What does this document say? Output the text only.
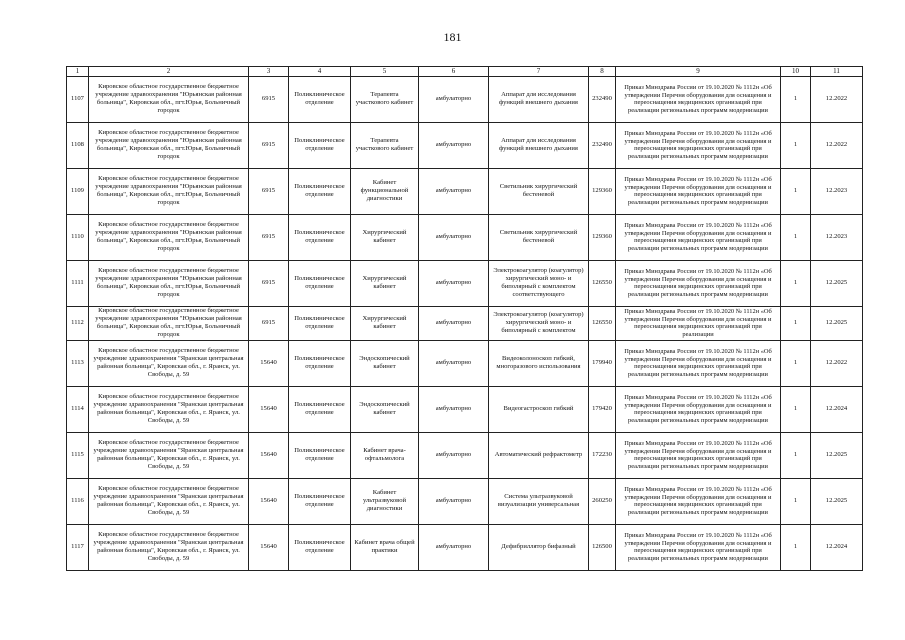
181
1	2	3	4	5	6	7	8	9	10	11
1107	Кировское областное государственное бюджетное учреждение здравоохранения "Юрьянская районная больница", Кировская обл., пгт.Юрья, Больничный городок	6915	Поликлиническое отделение	Терапевта участкового кабинет	амбулаторно	Аппарат для исследования функций внешнего дыхания	232490	Приказ Минздрава России от 19.10.2020 № 1112н «Об утверждении Перечня оборудования для оснащения и переоснащения медицинских организаций при реализации региональных программ модернизации	1	12.2022
1108	Кировское областное государственное бюджетное учреждение здравоохранения "Юрьянская районная больница", Кировская обл., пгт.Юрья, Больничный городок	6915	Поликлиническое отделение	Терапевта участкового кабинет	амбулаторно	Аппарат для исследования функций внешнего дыхания	232490	Приказ Минздрава России от 19.10.2020 № 1112н «Об утверждении Перечня оборудования для оснащения и переоснащения медицинских организаций при реализации региональных программ модернизации	1	12.2022
1109	Кировское областное государственное бюджетное учреждение здравоохранения "Юрьянская районная больница", Кировская обл., пгт.Юрья, Больничный городок	6915	Поликлиническое отделение	Кабинет функциональной диагностики	амбулаторно	Светильник хирургический бестеневой	129360	Приказ Минздрава России от 19.10.2020 № 1112н «Об утверждении Перечня оборудования для оснащения и переоснащения медицинских организаций при реализации региональных программ модернизации	1	12.2023
1110	Кировское областное государственное бюджетное учреждение здравоохранения "Юрьянская районная больница", Кировская обл., пгт.Юрья, Больничный городок	6915	Поликлиническое отделение	Хирургический кабинет	амбулаторно	Светильник хирургический бестеневой	129360	Приказ Минздрава России от 19.10.2020 № 1112н «Об утверждении Перечня оборудования для оснащения и переоснащения медицинских организаций при реализации региональных программ модернизации	1	12.2023
1111	Кировское областное государственное бюджетное учреждение здравоохранения "Юрьянская районная больница", Кировская обл., пгт.Юрья, Больничный городок	6915	Поликлиническое отделение	Хирургический кабинет	амбулаторно	Электрокоагулятор (коагулятор) хирургический моно- и биполярный с комплектом соответствующего	126550	Приказ Минздрава России от 19.10.2020 № 1112н «Об утверждении Перечня оборудования для оснащения и переоснащения медицинских организаций при реализации региональных программ модернизации	1	12.2025
1112	Кировское областное государственное бюджетное учреждение здравоохранения "Юрьянская районная больница", Кировская обл., пгт.Юрья, Больничный городок	6915	Поликлиническое отделение	Хирургический кабинет	амбулаторно	Электрокоагулятор (коагулятор) хирургический моно- и биполярный с комплектом	126550	Приказ Минздрава России от 19.10.2020 № 1112н «Об утверждении Перечня оборудования для оснащения и переоснащения медицинских организаций при реализации	1	12.2025
1113	Кировское областное государственное бюджетное учреждение здравоохранения "Яранская центральная районная больница", Кировская обл., г. Яранск, ул. Свободы, д. 59	15640	Поликлиническое отделение	Эндоскопический кабинет	амбулаторно	Видеоколоноскоп гибкий, многоразового использования	179940	Приказ Минздрава России от 19.10.2020 № 1112н «Об утверждении Перечня оборудования для оснащения и переоснащения медицинских организаций при реализации региональных программ модернизации	1	12.2022
1114	Кировское областное государственное бюджетное учреждение здравоохранения "Яранская центральная районная больница", Кировская обл., г. Яранск, ул. Свободы, д. 59	15640	Поликлиническое отделение	Эндоскопический кабинет	амбулаторно	Видеогастроскоп гибкий	179420	Приказ Минздрава России от 19.10.2020 № 1112н «Об утверждении Перечня оборудования для оснащения и переоснащения медицинских организаций при реализации региональных программ модернизации	1	12.2024
1115	Кировское областное государственное бюджетное учреждение здравоохранения "Яранская центральная районная больница", Кировская обл., г. Яранск, ул. Свободы, д. 59	15640	Поликлиническое отделение	Кабинет врача-офтальмолога	амбулаторно	Автоматический рефрактометр	172230	Приказ Минздрава России от 19.10.2020 № 1112н «Об утверждении Перечня оборудования для оснащения и переоснащения медицинских организаций при реализации региональных программ модернизации	1	12.2025
1116	Кировское областное государственное бюджетное учреждение здравоохранения "Яранская центральная районная больница", Кировская обл., г. Яранск, ул. Свободы, д. 59	15640	Поликлиническое отделение	Кабинет ультразвуковой диагностики	амбулаторно	Система ультразвуковой визуализации универсальная	260250	Приказ Минздрава России от 19.10.2020 № 1112н «Об утверждении Перечня оборудования для оснащения и переоснащения медицинских организаций при реализации региональных программ модернизации	1	12.2025
1117	Кировское областное государственное бюджетное учреждение здравоохранения "Яранская центральная районная больница", Кировская обл., г. Яранск, ул. Свободы, д. 59	15640	Поликлиническое отделение	Кабинет врача общей практики	амбулаторно	Дефибриллятор бифазный	126500	Приказ Минздрава России от 19.10.2020 № 1112н «Об утверждении Перечня оборудования для оснащения и переоснащения медицинских организаций при реализации региональных программ модернизации	1	12.2024
